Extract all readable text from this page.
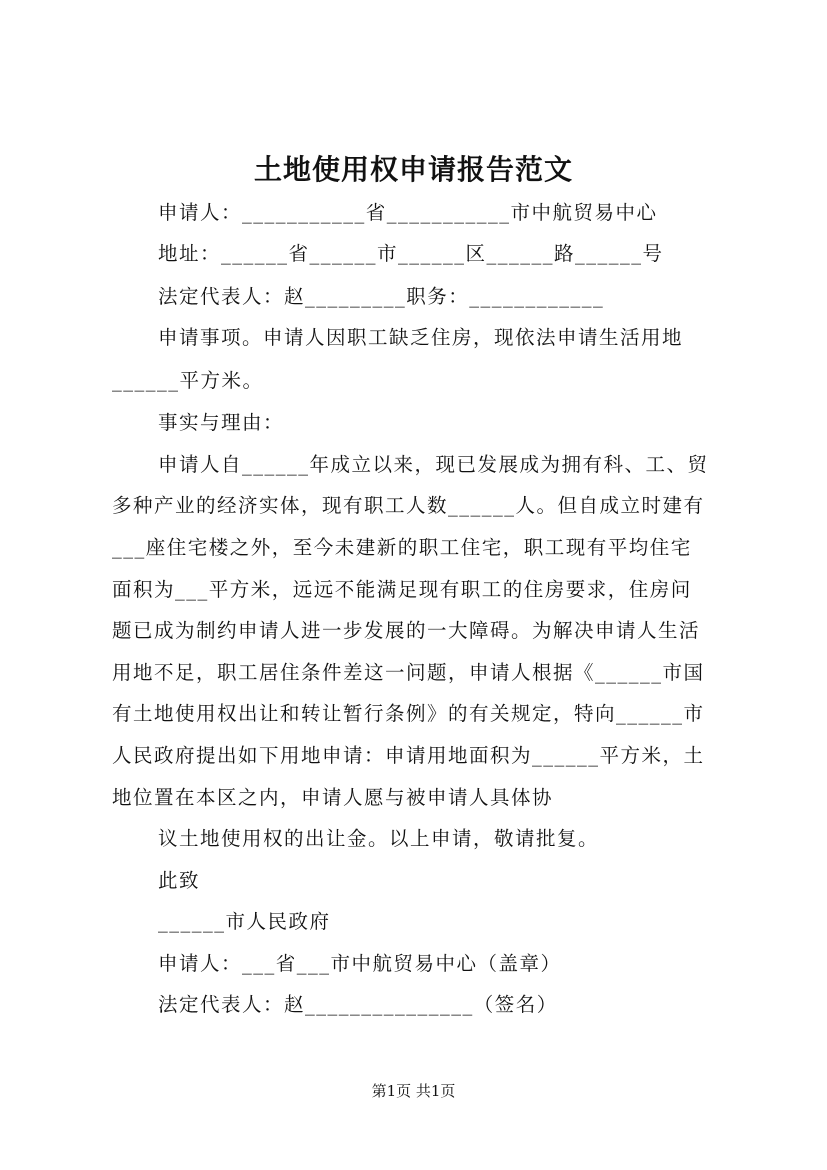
土地使用权申请报告范文
申请人：___________省___________市中航贸易中心
地址：______省______市______区______路______号
法定代表人：赵_________职务：____________
申请事项。申请人因职工缺乏住房，现依法申请生活用地
______平方米。
事实与理由：
申请人自______年成立以来，现已发展成为拥有科、工、贸
多种产业的经济实体，现有职工人数______人。但自成立时建有
___座住宅楼之外，至今未建新的职工住宅，职工现有平均住宅
面积为___平方米，远远不能满足现有职工的住房要求，住房问
题已成为制约申请人进一步发展的一大障碍。为解决申请人生活
用地不足，职工居住条件差这一问题，申请人根据《______市国
有土地使用权出让和转让暂行条例》的有关规定，特向______市
人民政府提出如下用地申请：申请用地面积为______平方米，土
地位置在本区之内，申请人愿与被申请人具体协
议土地使用权的出让金。以上申请，敬请批复。
此致
______市人民政府
申请人：___省___市中航贸易中心（盖章）
法定代表人：赵_______________（签名）
第1页 共1页
